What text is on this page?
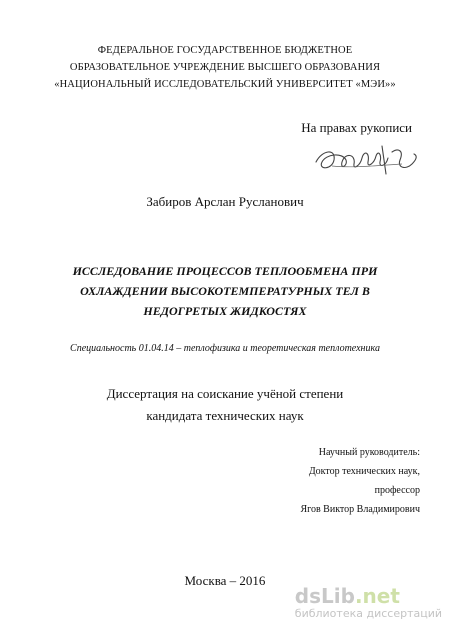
ФЕДЕРАЛЬНОЕ ГОСУДАРСТВЕННОЕ БЮДЖЕТНОЕ
ОБРАЗОВАТЕЛЬНОЕ УЧРЕЖДЕНИЕ ВЫСШЕГО ОБРАЗОВАНИЯ
«НАЦИОНАЛЬНЫЙ ИССЛЕДОВАТЕЛЬСКИЙ УНИВЕРСИТЕТ «МЭИ»»
На правах рукописи
Забиров Арслан Русланович
ИССЛЕДОВАНИЕ ПРОЦЕССОВ ТЕПЛООБМЕНА ПРИ
ОХЛАЖДЕНИИ ВЫСОКОТЕМПЕРАТУРНЫХ ТЕЛ В
НЕДОГРЕТЫХ ЖИДКОСТЯХ
Специальность 01.04.14 – теплофизика и теоретическая теплотехника
Диссертация на соискание учёной степени
кандидата технических наук
Научный руководитель:
Доктор технических наук,
профессор
Ягов Виктор Владимирович
Москва – 2016
dsLib.net
библиотека диссертаций
